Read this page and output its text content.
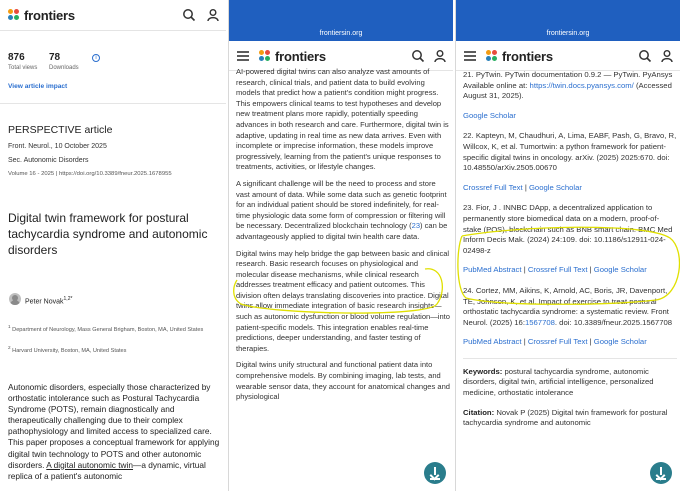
frontiers
876
Total views
78
Downloads
i
View article impact
PERSPECTIVE article
Front. Neurol., 10 October 2025
Sec. Autonomic Disorders
Volume 16 - 2025 | https://doi.org/10.3389/fneur.2025.1678955
Digital twin framework for postural tachycardia syndrome and autonomic disorders
Peter Novak$^{1,2*}$
$^1$ Department of Neurology, Mass General Brigham, Boston, MA, United States
$^2$ Harvard University, Boston, MA, United States
Autonomic disorders, especially those characterized by orthostatic intolerance such as Postural Tachycardia Syndrome (POTS), remain diagnostically and therapeutically challenging due to their complex pathophysiology and limited access to specialized care. This paper proposes a conceptual framework for applying digital twin technology to POTS and other autonomic disorders. A digital autonomic twin—a dynamic, virtual replica of a patient's autonomic
frontiersin.org
frontiers

AI-powered digital twins can also analyze vast amounts of research, clinical trials, and patient data to build evolving models that predict how a patient's condition might progress. This empowers clinical teams to test hypotheses and develop new treatment plans more rapidly, potentially speeding advances in both research and care. Furthermore, digital twin is adaptive, updating in real time as new data arrives. Even with incomplete or imprecise information, these models improve progressively, learning from the patient's unique responses to treatments, activities, or lifestyle changes.

A significant challenge will be the need to process and store vast amount of data. While some data such as genetic footprint for an individual patient should be stored indefinitely, for real-time physiologic data some form of compression or filtering will be necessary. Decentralized blockchain technology (23) can be advantageously applied to digital twin health care data.

Digital twins may help bridge the gap between basic and clinical research. Basic research focuses on physiological and molecular disease mechanisms, while clinical research addresses treatment efficacy and patient outcomes. This division often delays translating discoveries into practice. Digital twins allow immediate integration of basic research insights—such as autonomic dysfunction or blood volume regulation—into patient-specific models. This integration enables real-time predictions, deeper understanding, and faster testing of therapies.

Digital twins unify structural and functional patient data into comprehensive models. By combining imaging, lab tests, and wearable sensor data, they account for anatomical changes and physiological

frontiersin.org
frontiers
21. PyTwin. PyTwin documentation 0.9.2 — PyTwin. PyAnsys Available online at: https://twin.docs.pyansys.com/ (Accessed August 31, 2025).
Google Scholar
22. Kapteyn, M, Chaudhuri, A, Lima, EABF, Pash, G, Bravo, R, Willcox, K, et al. Tumortwin: a python framework for patient-specific digital twins in oncology. arXiv. (2025) 2025:670. doi: 10.48550/arXiv.2505.00670
Crossref Full Text | Google Scholar
23. Fior, J . INNBC DApp, a decentralized application to permanently store biomedical data on a modern, proof-of-stake (POS), blockchain such as BNB smart chain. BMC Med Inform Decis Mak. (2024) 24:109. doi: 10.1186/s12911-024-02498-z
PubMed Abstract | Crossref Full Text | Google Scholar
24. Cortez, MM, Aikins, K, Arnold, AC, Boris, JR, Davenport, TE, Johnson, K, et al. Impact of exercise to treat postural orthostatic tachycardia syndrome: a systematic review. Front Neurol. (2025) 16:1567708. doi: 10.3389/fneur.2025.1567708
PubMed Abstract | Crossref Full Text | Google Scholar
Keywords: postural tachycardia syndrome, autonomic disorders, digital twin, artificial intelligence, personalized medicine, orthostatic intolerance
Citation: Novak P (2025) Digital twin framework for postural tachycardia syndrome and autonomic
